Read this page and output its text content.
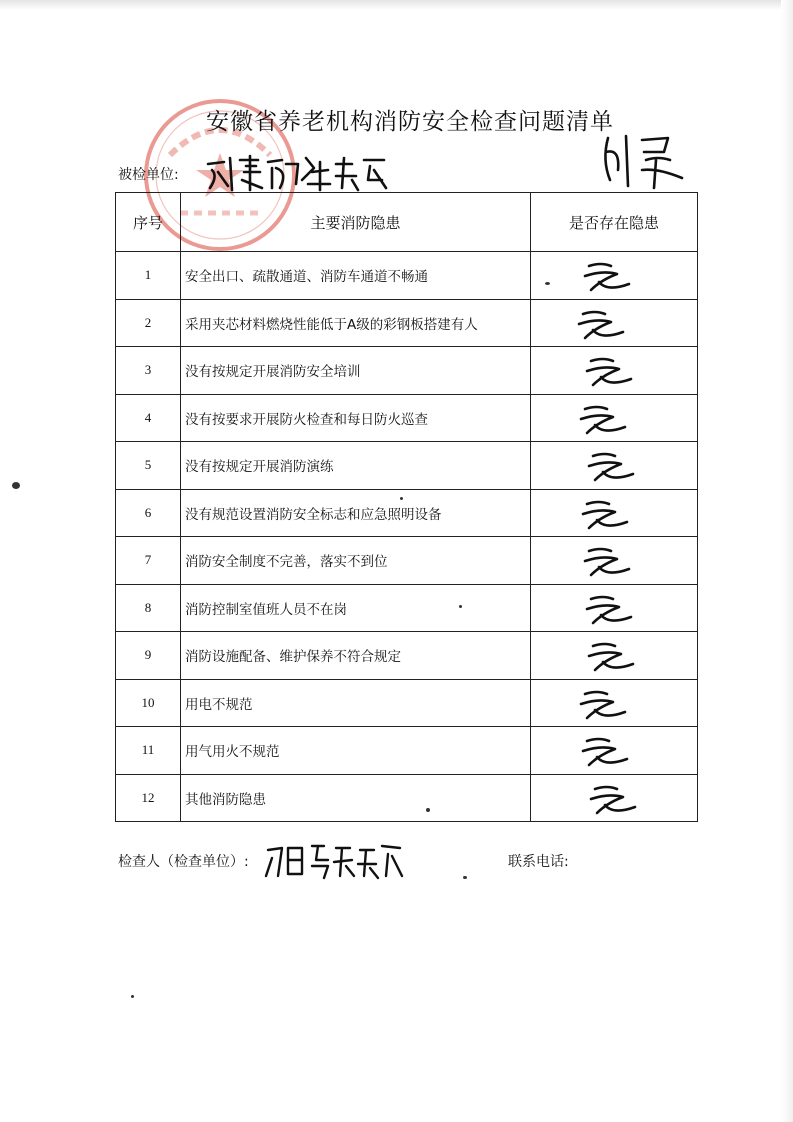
安徽省养老机构消防安全检查问题清单
被检单位:
序号	主要消防隐患	是否存在隐患
1	安全出口、疏散通道、消防车通道不畅通	

2	采用夹芯材料燃烧性能低于A级的彩钢板搭建有人	

3	没有按规定开展消防安全培训	

4	没有按要求开展防火检查和每日防火巡查	

5	没有按规定开展消防演练	

6	没有规范设置消防安全标志和应急照明设备	

7	消防安全制度不完善，落实不到位	

8	消防控制室值班人员不在岗	

9	消防设施配备、维护保养不符合规定	

10	用电不规范	

11	用气用火不规范	

12	其他消防隐患	
检查人（检查单位）:	联系电话:
